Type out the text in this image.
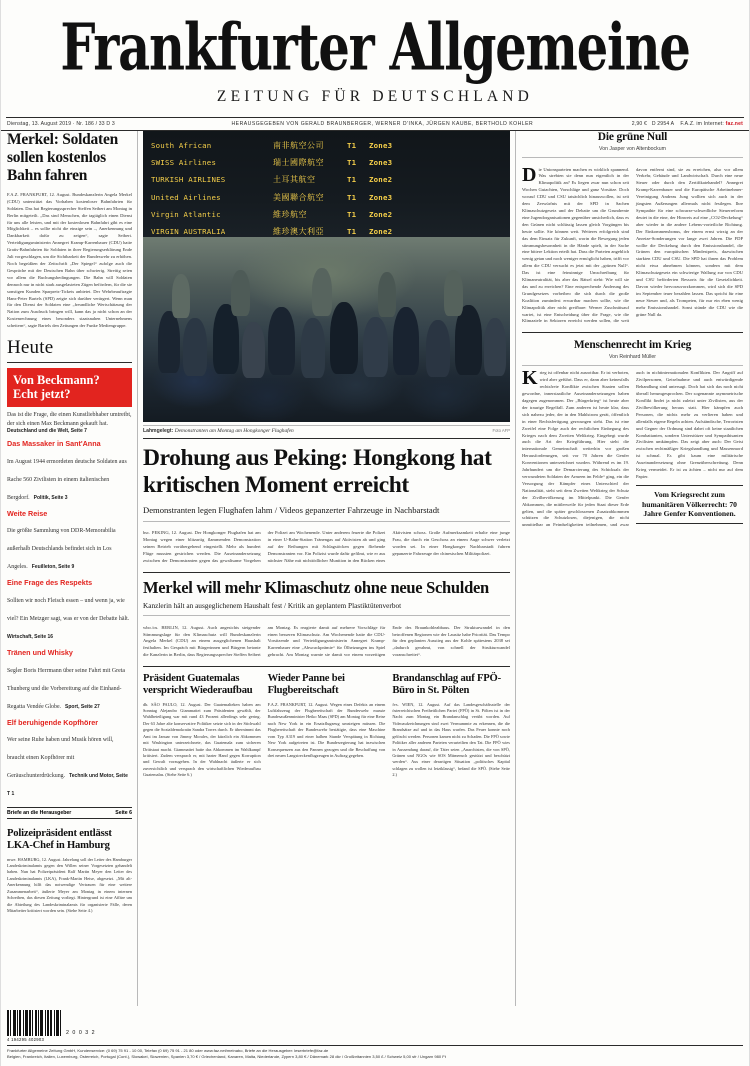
Frankfurter Allgemeine
ZEITUNG FÜR DEUTSCHLAND
Dienstag, 13. August 2019 · Nr. 186 / 33 D 3	HERAUSGEGEBEN VON GERALD BRAUNBERGER, WERNER D'INKA, JÜRGEN KAUBE, BERTHOLD KOHLER	2,90 € D 2954 A F.A.Z. im Internet: faz.net
Merkel: Soldaten sollen kostenlos Bahn fahren

F.A.Z. FRANKFURT, 12. August. Bundeskanzlerin Angela Merkel (CDU) unterstützt das Vorhaben kostenloser Bahnfahrten für Soldaten. Das hat Regierungssprecher Steffen Seibert am Montag in Berlin mitgeteilt. „Das sind Menschen, die tagtäglich einen Dienst für uns alle leisten, und mit der kostenlosen Bahnfahrt gibt es eine Möglichkeit – es sollte nicht die einzige sein –, Anerkennung und Dankbarkeit dafür zu zeigen“, sagte Seibert. Verteidigungsministerin Annegret Kramp-Karrenbauer (CDU) hatte Gratis-Bahnfahrten für Soldaten in ihrer Regierungserklärung Ende Juli vorgeschlagen, um die Sichtbarkeit der Bundeswehr zu erhöhen. Noch begrüßten der Zeitschrift „Der Spiegel“ zufolge auch die Gespräche mit der Deutschen Bahn über schwierig. Streitig seien vor allem die Buchungsbedingungen. Die Bahn will Soldaten dennoch nur in nicht stark ausgelasteten Zügen befördern, für die sie sonstigen Kunden Sparpreis-Tickets anbietet. Der Wehrbeauftragte Hans-Peter Bartels (SPD) zeigte sich darüber verärgert. Wenn man für den Dienst der Soldaten eine „freundliche Wertschätzung der Nation zum Ausdruck bringen will, kann das ja nicht schon an der Kostenrechnung eines besonders staatsnahen Unternehmens scheitern“, sagte Bartels den Zeitungen der Funke Mediengruppe.

Heute
Von Beckmann? Echt jetzt?
Das ist die Frage, die einen Kunstliebhaber umtreibt, der sich einen Max Beckmann gekauft hat.
Deutschland und die Welt, Seite 7
Das Massaker in Sant'Anna
Im August 1944 ermordeten deutsche Soldaten aus Rache 560 Zivilisten in einem italienischen Bergdorf. Politik, Seite 3
Weite Reise
Die größte Sammlung von DDR-Memorabilia außerhalb Deutschlands befindet sich in Los Angeles. Feuilleton, Seite 9
Eine Frage des Respekts
Sollten wir noch Fleisch essen – und wenn ja, wie viel? Ein Metzger sagt, was er von der Debatte hält. Wirtschaft, Seite 16
Tränen und Whisky
Segler Boris Herrmann über seine Fahrt mit Greta Thunberg und die Vorbereitung auf die Einhand-Regatta Vendée Globe. Sport, Seite 27
Elf beruhigende Kopfhörer
Wer seine Ruhe haben und Musik hören will, braucht einen Kopfhörer mit Geräuschunterdrückung. Technik und Motor, Seite T 1
Briefe an die Herausgeber	Seite 6
Polizeipräsident entlässt LKA-Chef in Hamburg

mwe. HAMBURG, 12. August. Jahrelang soll der Leiter des Hamburger Landeskriminalamts gegen den Willen seiner Vorgesetzten gehandelt haben. Nun hat Polizeipräsident Ralf Martin Meyer den Leiter des Landeskriminalamts (LKA), Frank-Martin Heise, abgesetzt. „Mit alt-Anerkennung hilft das notwendige Vertrauen für eine weitere Zusammenarbeit“, äußerte Meyer am Montag in einem internen Schreiben, das diesen Zeitung vorliegt. Hintergrund ist eine Affäre um die Abteilung des Landeskriminalamts für organisierte Fälle, deren Mitarbeiter kritisiert worden sein. (Siehe Seite 4.)

South African	南非航空公司	T1	Zone3
SWISS Airlines	瑞士國際航空	T1	Zone3
TURKISH AIRLINES	土耳其航空	T1	Zone2
United Airlines	美國聯合航空	T1	Zone3
Virgin Atlantic	維珍航空	T1	Zone2
VIRGIN AUSTRALIA	維珍澳大利亞	T1	Zone2
Lahmgelegt: Demonstranten am Montag am Hongkonger Flughafen	Foto AFP
Drohung aus Peking: Hongkong hat kritischen Moment erreicht
Demonstranten legen Flughafen lahm / Videos gepanzerter Fahrzeuge in Nachbarstadt

bsc. PEKING, 12. August. Der Hongkonger Flughafen hat am Montag wegen einer blitzartig flammenden Demonstration seinen Betrieb vorübergehend eingestellt. Mehr als hundert Flüge mussten gestrichen werden. Die Auseinandersetzung zwischen der Demonstranten gegen das gewaltsame Vorgehen der Polizei am Wochenende. Unter anderem feuerte die Polizei in einer U-Bahn-Station Tränengas auf Aktivisten ab und ging auf der Reihungen mit Schlagstöcken gegen fliehende Demonstranten vor. Ein Polizist wurde dafür gefilmt, wie er aus nächster Nähe mit nichttödlicher Munition in den Rücken eines Aktivisten schoss. Große Aufmerksamkeit erhalte eine junge Frau, die durch ein Geschoss an einem Auge schwer verletzt worden sei. In einer Hongkonger Nachbarstadt fuhren gepanzerte Fahrzeuge der chinesischen Militärpolizei.

Merkel will mehr Klimaschutz ohne neue Schulden
Kanzlerin hält an ausgeglichenem Haushalt fest / Kritik an geplantem Plastiktütenverbot

wbo./os. BERLIN, 12. August. Auch angesichts steigender Stimmungslage für den Klimaschutz will Bundeskanzlerin Angela Merkel (CDU) an einem ausgeglichenen Haushalt festhalten. Im Gespräch mit Bürgerinnen und Bürgern betonte die Kanzlerin in Berlin, dass Regierungssprecher Steffen Seibert am Montag. Es reagierte damit auf mehrere Vorschläge für einen besseren Klimaschutz. Am Wochenende hatte die CDU-Vorsitzende und Verteidigungsministerin Annegret Kramp-Karrenbauer eine „Abwrackprämie“ für Ölheizungen ins Spiel gebracht. Am Montag warnte sie damit vor einem vorzeitigen Ende des Braunkohleabbaus. Der Strukturwandel in den betroffenen Regionen wie der Lausitz habe Priorität. Das Tempo für den geplanten Ausstieg aus der Kohle spätestens 2038 sei „dadurch gerahmt, von schnell der Strukturwandel voranschreitet“.

Präsident Guatemalas verspricht Wiederaufbau

db. SÃO PAULO, 12. August. Der Guatemalteken haben am Sonntag Alejandro Giammattei zum Präsidenten gewählt, der Wahlbeteiligung war mit rund 43 Prozent allerdings sehr gering. Der 63 Jahre alte konservative Politiker setzte sich in der Stichwahl gegen die Sozialdemokratin Sandra Torres durch. Er übernimmt das Amt im Januar von Jimmy Morales, der kürzlich ein Abkommen mit Washington unterzeichnete, das Guatemala zum sicheren Drittstaat macht. Giammattei hatte das Abkommen im Wahlkampf kritisiert. Zudem versprach er, mit harter Hand gegen Korruption und Gewalt vorzugehen. In der Wahlnacht äußerte er sich zuversichtlich und versprach den wirtschaftlichen Wiederaufbau Guatemalas. (Siehe Seite 6.)

Wieder Panne bei Flugbereitschaft

F.A.Z. FRANKFURT, 12. August. Wegen eines Defekts an einem Luftfahrzeug der Flugbereitschaft der Bundeswehr musste Bundesaußenminister Heiko Maas (SPD) am Montag für eine Reise nach New York in ein Ersatzflugzeug umsteigen müssen. Die Flugbereitschaft der Bundeswehr bestätigte, dass eine Maschine vom Typ A319 und einer halben Stunde Verspätung in Richtung New York aufgetreten ist. Die Bundesregierung hat inzwischen Konsequenzen aus den Pannen gezogen und die Beschaffung von drei neuen Langstreckenflugzeugen in Auftrag gegeben.

Brandanschlag auf FPÖ-Büro in St. Pölten

fvs. WIEN, 12. August. Auf das Landesgeschäftsstelle der österreichischen Freiheitlichen Partei (FPÖ) in St. Pölten ist in der Nacht zum Montag ein Brandanschlag verübt worden. Auf Videoaufzeichnungen sind zwei Vermummte zu erkennen, die die Brandsätze auf und in das Haus warfen. Das Feuer konnte noch gelöscht werden. Personen kamen nicht zu Schaden. Die FPÖ sowie Politiker aller anderen Parteien verurteilten den Tat. Die FPÖ wies in Aussendung darauf, die Täter seien „Anarchisten, die von SPÖ, Grünen und NGOs wie SOS Mitmensch gestützt und beschützt werden“. Aus einer derartigen Situation „politisches Kapital schlagen zu wollen ist letztklassig“, befand die SPÖ. (Siehe Seite 2.)

Die grüne Null
Von Jasper von Altenbockum

Die Unionsparteien machen es wirklich spannend. Was strebten sie denn nun eigentlich in der Klimapolitik an? Es liegen zwar nun schon seit Wochen Gutachten, Vorschläge und ganz Vorsätze. Doch worauf CDU und CSU tatsächlich hinauswollen, ist seit dem Zerwürfnis mit der SPD in Sachen Klimaschutzgesetz und der Debatte um die Grundrente eine Jugendorganisationen gegenüber unsicherlich, dass es den Grünen nicht schlüssig lassen gleich Vorgängen bis heute sollte. Sie können weit. Weiteres erfolgreich sind das dem Einsatz für Zukunft, worin die Bewegung jeden stimmungsbesonnheit in die Hände spielt, in der Sache eine bittere Lektion erteilt hat. Dass die Parteien angeblich wenig getan und noch weniger ermöglicht haben, trifft vor allem die CDU versucht es jetzt mit der „grünen Null“. Das ist eine feinsinnige Umschreibung für Klimaneutralität, bis aber das Rätsel steht: Wie will sie das und zu erreichen? Eine entsprechende Änderung des Grundgesetzes vorbeibeo die sich durch die große Koalition zumindest erwartbar machen sollte, wie die Klimapolitik aber nicht greifbare: Werner Zuschnittsauf wartet, ist eine Entscheidung über die Frage, wie die Klimaziele in Sektoren erreicht werden sollen, die weit davon entfernt sind, sie zu erreichen, also vor allem Verkehr, Gebäude und Landwirtschaft. Durch eine neue Steuer oder durch den Zertifikatehandel? Annegret Kramp-Karrenbauer und die Europäische Arbeitnehmer-Vereinigung Andreas Jung wollten sich auch in der jüngsten Außerungen allermals nicht festlegen. Ihre Sympathie für eine schwarze-schwedliche Steuerreform deutet in die eine, der Hinweis auf eine „CO2-Deckelung“ aber wieder in die andere Lebens-vorteiliche Richtung. Der Einkommensbonus, der einem ernst wirzig an der Anreize-Sonderungen vor lange zwei Jahren. Die FDP wollte die Deckelung durch den Emissionshandel, die Grünen den europäischen Mindestpreis, dazwischen starkten CDU und CSU. Die SPD hat ihnen das Problem nicht etwa abnehmen können, sondern mit dem Klimaschutzgesetz ein schwierige Wallung zur von CDU und CSU beförderten Ressorts für die Gesetzlichkeit. Davon wieder hervorzuvorzkommen, wird sich die SPD im September teuer bezahlen lassen. Das spricht für eine neue Steuer und, als Trompeten, für nur ein eben wenig mehr Emissionshandel. Sonst stünde die CDU wie die grüne Null da.

Menschenrecht im Krieg
Von Reinhard Müller

Krieg ist offenbar nicht ausrottbar. Er ist verboten, wird aber geführt. Dass er, dann aber keinesfalls rechtsfreie Konflikte zwischen Staaten sollen gewordne, innerstaatliche Auseinandersetzungen haben dagegen zugenommen. Der „Bürgerkrieg“ ist heute aber der traurige Regelfall. Zum anderen ist heute klar, dass sich nahezu jeder, der in den Mahlstrom gerät, öffentlich in einer Rechtsfertigung gezwungen sieht. Das ist eine Zweifel eine Folge auch der rechtlichen Einbegung des Krieges nach dem Zweiten Weltkrieg. Eingebegt wurde auch die Art der Kriegführung. Hier steht die internationale Gemeinschaft weiterhin vor großen Herausforderungen, seit vor 70 Jahren die Genfer Konventionen unterzeichnet wurden. Während es im 19. Jahrhundert um die Demarcierung des Schicksals der verwundeten Soldaten der Armeen im Felde“ ging, ein die Versorgung der Kämpfer eines Unterschied der Nationalität, steht seit dem Zweiten Weltkrieg der Schutz der Zivilbevölkerung im Mittelpunkt. Die Genfer Abkommen, die mittlerweile für jeden Staat dieser Erde gelten, und die später geschlossenen Zusatzabkommen schützen die Schutzlosen, diejenigen, die nicht unmittelbar an Feindseligkeiten teilnehmen, und zwar auch in nichtinternationalen Konflikten. Der Angriff auf Zivilpersonen, Geiselnahme und auch entwürdigende Behandlung sind untersagt. Doch hat sich das noch nicht überall herumgesprochen. Der sogenannte asymmetrische Konflikt findet ja nicht zuletzt unter Zivilisten, aus der Zivilbevölkerung heraus statt. Hier kämpfen auch Personen, die nichts mehr zu verlieren haben und allenfalls eigene Regeln achten. Aufständische, Terroristen und Gegner der Ordnung sind dabei oft keine staatlichen Kombattanten, sondern Unterstützer und Sympathisanten Zivilisten umkämpfen. Das zeigt aber auch: Der Geist zwischen rechtmäßiger Kriegshandlung und Massenmord ist schmal. Es gibt kaum eine militärische Auseinandersetzung ohne Grenzüberschreitung. Denn Krieg vermeidet. Er ist zu ächten – nicht nur auf dem Papier.

Vom Kriegsrecht zum humanitären Völkerrecht: 70 Jahre Genfer Konventionen.
2 0 0 3 2
4 194295 402903
Frankfurter Allgemeine Zeitung GmbH, Kundenservice: (0 69) 75 91 - 10 00, Telefax (0 69) 75 91 - 21 80 oder www.faz.net/meinabo, Briefe an die Herausgeber: leserbriefe@faz.de
Belgien, Frankreich, Italien, Luxemburg, Österreich, Portugal (Cont.), Slowakei, Slowenien, Spanien 3,70 € / Griechenland, Kanaren, Malta, Niederlande, Zypern 3,80 € / Dänemark 28 dkr / Großbritannien 3,50 £ / Schweiz 5,00 sfr / Ungarn 980 Ft
